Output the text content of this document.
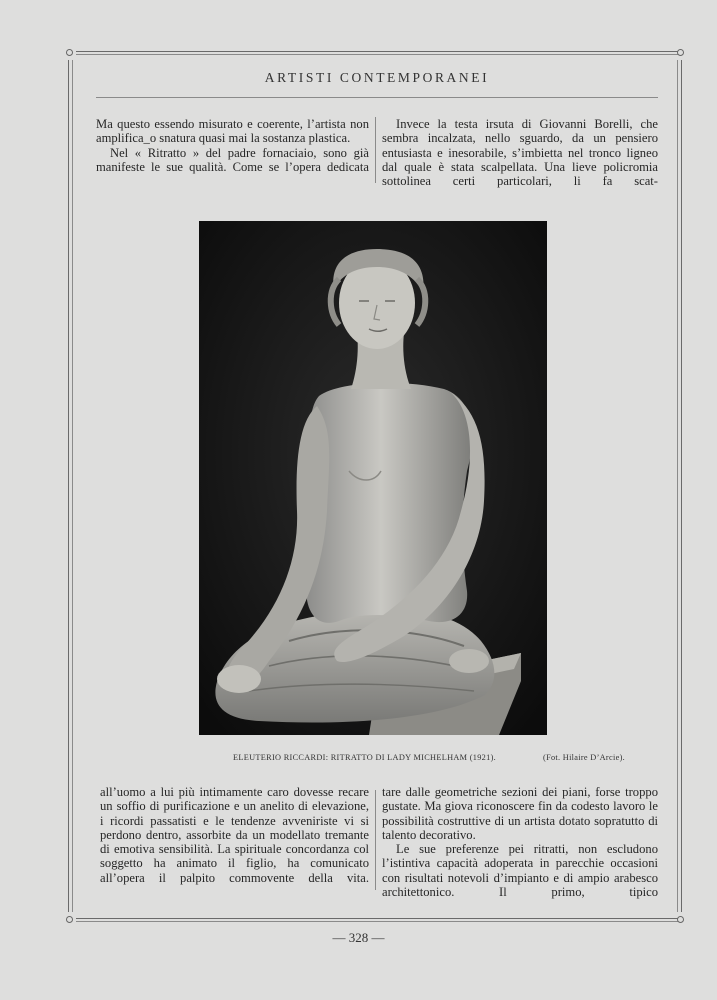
ARTISTI CONTEMPORANEI

Ma questo essendo misurato e coerente, l’artista non amplifica_o snatura quasi mai la sostanza plastica.

Nel « Ritratto » del padre fornaciaio, sono già manifeste le sue qualità. Come se l’opera dedicata

Invece la testa irsuta di Giovanni Borelli, che sembra incalzata, nello sguardo, da un pensiero entusiasta e inesorabile, s’imbietta nel tronco ligneo dal quale è stata scalpellata. Una lieve policromia sottolinea certi particolari, li fa scat-

ELEUTERIO RICCARDI: RITRATTO DI LADY MICHELHAM (1921).	(Fot. Hilaire D’Arcie).

all’uomo a lui più intimamente caro dovesse recare un soffio di purificazione e un anelito di elevazione, i ricordi passatisti e le tendenze avveniriste vi si perdono dentro, assorbite da un modellato tremante di emotiva sensibilità. La spirituale concordanza col soggetto ha animato il figlio, ha comunicato all’opera il palpito commovente della vita.

tare dalle geometriche sezioni dei piani, forse troppo gustate. Ma giova riconoscere fin da codesto lavoro le possibilità costruttive di un artista dotato sopratutto di talento decorativo.

Le sue preferenze pei ritratti, non escludono l’istintiva capacità adoperata in parecchie occasioni con risultati notevoli d’impianto e di ampio arabesco architettonico. Il primo, tipico

— 328 —
